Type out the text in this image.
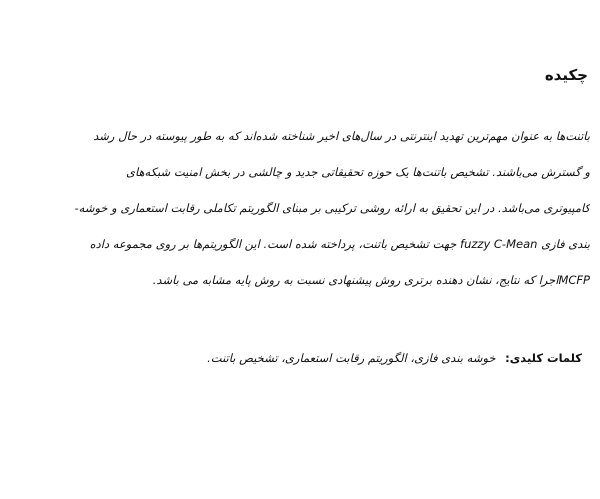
چکیده

باتنت‌ها به عنوان مهم‌ترین تهدید اینترنتی در سال‌های اخیر شناخته شده‌اند که به طور پیوسته در حال رشد
و گسترش می‌باشند. تشخیص باتنت‌ها یک حوزه تحقیقاتی جدید و چالشی در بخش امنیت شبکه‌های
کامپیوتری می‌باشد. در این تحقیق به ارائه روشی ترکیبی بر مبنای الگوریتم تکاملی رقابت استعماری و خوشه-
بندی فازی fuzzy C-Mean جهت تشخیص باتنت، پرداخته شده است. این الگوریتم‌ها بر روی مجموعه داده
MCFPاجرا که نتایج، نشان دهنده برتری روش پیشنهادی نسبت به روش پایه مشابه می باشد.

کلمات کلیدی: خوشه بندی فازی، الگوریتم رقابت استعماری، تشخیص باتنت.
